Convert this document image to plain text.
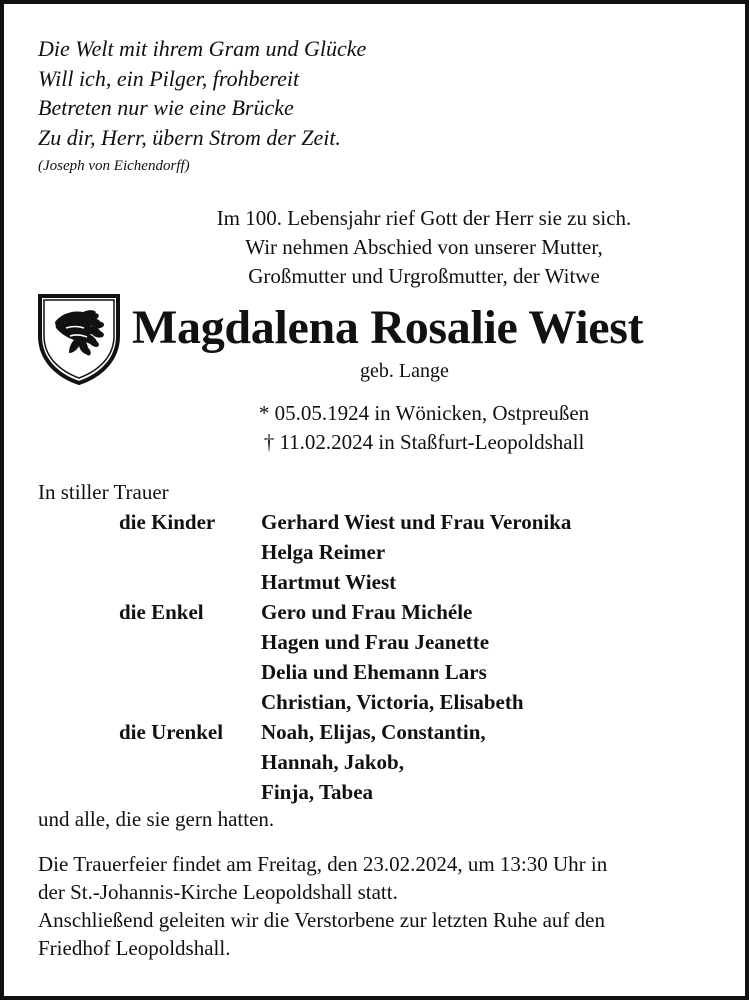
Die Welt mit ihrem Gram und Glücke
Will ich, ein Pilger, frohbereit
Betreten nur wie eine Brücke
Zu dir, Herr, übern Strom der Zeit.
(Joseph von Eichendorff)
Im 100. Lebensjahr rief Gott der Herr sie zu sich.
Wir nehmen Abschied von unserer Mutter,
Großmutter und Urgroßmutter, der Witwe
Magdalena Rosalie Wiest
geb. Lange
* 05.05.1924 in Wönicken, Ostpreußen
† 11.02.2024 in Staßfurt-Leopoldshall
In stiller Trauer
die Kinder	Gerhard Wiest und Frau Veronika
Helga Reimer
Hartmut Wiest
die Enkel	Gero und Frau Michéle
Hagen und Frau Jeanette
Delia und Ehemann Lars
Christian, Victoria, Elisabeth
die Urenkel	Noah, Elijas, Constantin,
Hannah, Jakob,
Finja, Tabea
und alle, die sie gern hatten.
Die Trauerfeier findet am Freitag, den 23.02.2024, um 13:30 Uhr in
der St.-Johannis-Kirche Leopoldshall statt.
Anschließend geleiten wir die Verstorbene zur letzten Ruhe auf den
Friedhof Leopoldshall.
